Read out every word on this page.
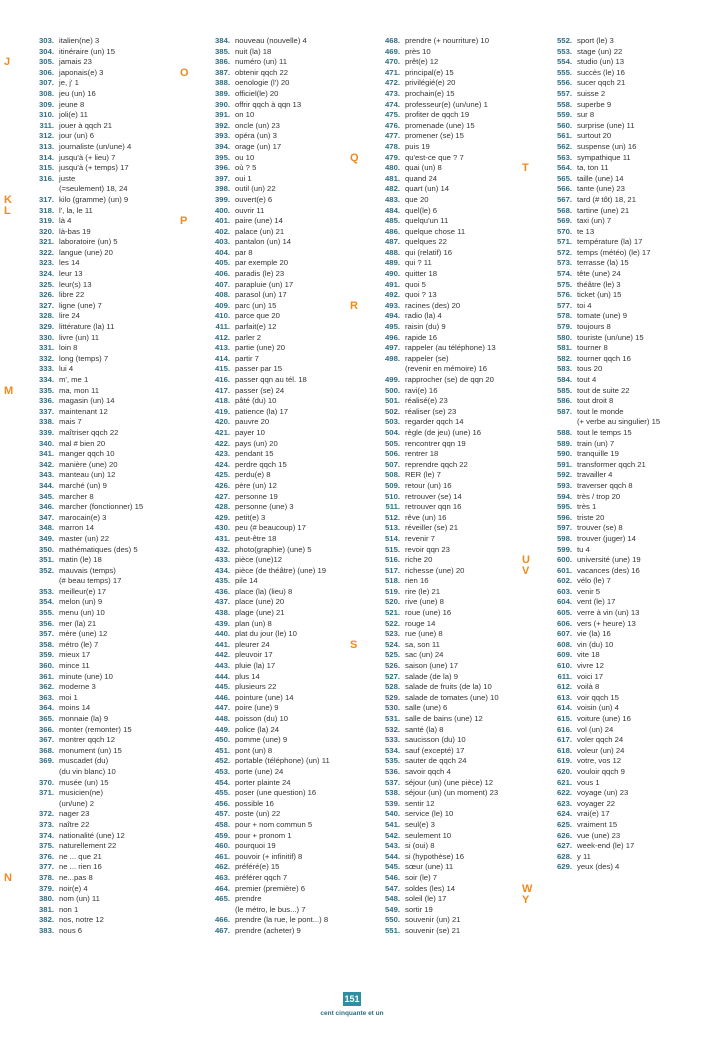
303. italien(ne) 3
304. itinéraire (un) 15
305. jamais 23
306. japonais(e) 3
307. je, j' 1
308. jeu (un) 16
309. jeune 8
310. joli(e) 11
311. jouer à qqch 21
312. jour (un) 6
313. journaliste (un/une) 4
314. jusqu'à (+ lieu) 7
315. jusqu'à (+ temps) 17
316. juste
(=seulement) 18, 24
317. kilo (gramme) (un) 9
318. l', la, le 11
319. là 4
320. là-bas 19
321. laboratoire (un) 5
322. langue (une) 20
323. les 14
324. leur 13
325. leur(s) 13
326. libre 22
327. ligne (une) 7
328. lire 24
329. littérature (la) 11
330. livre (un) 11
331. loin 8
332. long (temps) 7
333. lui 4
334. m', me 1
335. ma, mon 11
336. magasin (un) 14
337. maintenant 12
338. mais 7
339. maîtriser qqch 22
340. mal # bien 20
341. manger qqch 10
342. manière (une) 20
343. manteau (un) 12
344. marché (un) 9
345. marcher 8
346. marcher (fonctionner) 15
347. marocain(e) 3
348. marron 14
349. master (un) 22
350. mathématiques (des) 5
351. matin (le) 18
352. mauvais (temps)
(# beau temps) 17
353. meilleur(e) 17
354. melon (un) 9
355. menu (un) 10
356. mer (la) 21
357. mère (une) 12
358. métro (le) 7
359. mieux 17
360. mince 11
361. minute (une) 10
362. moderne 3
363. moi 1
364. moins 14
365. monnaie (la) 9
366. monter (remonter) 15
367. montrer qqch 12
368. monument (un) 15
369. muscadet (du)
(du vin blanc) 10
370. musée (un) 15
371. musicien(ne)
(un/une) 2
372. nager 23
373. naître 22
374. nationalité (une) 12
375. naturellement 22
376. ne ... que 21
377. ne ... rien 16
378. ne...pas 8
379. noir(e) 4
380. nom (un) 11
381. non 1
382. nos, notre 12
383. nous 6
384. nouveau (nouvelle) 4
385. nuit (la) 18
386. numéro (un) 11
387. obtenir qqch 22
388. oenologie (l') 20
389. officiel(le) 20
390. offrir qqch à qqn 13
391. on 10
392. oncle (un) 23
393. opéra (un) 3
394. orage (un) 17
395. ou 10
396. où ? 5
397. oui 1
398. outil (un) 22
399. ouvert(e) 6
400. ouvrir 11
401. paire (une) 14
402. palace (un) 21
403. pantalon (un) 14
404. par 8
405. par exemple 20
406. paradis (le) 23
407. parapluie (un) 17
408. parasol (un) 17
409. parc (un) 15
410. parce que 20
411. parfait(e) 12
412. parler 2
413. partie (une) 20
414. partir 7
415. passer par 15
416. passer qqn au tél. 18
417. passer (se) 24
418. pâté (du) 10
419. patience (la) 17
420. pauvre 20
421. payer 10
422. pays (un) 20
423. pendant 15
424. perdre qqch 15
425. perdu(e) 8
426. père (un) 12
427. personne 19
428. personne (une) 3
429. petit(e) 3
430. peu (# beaucoup) 17
431. peut-être 18
432. photo(graphie) (une) 5
433. pièce (une)12
434. pièce (de théâtre) (une) 19
435. pile 14
436. place (la) (lieu) 8
437. place (une) 20
438. plage (une) 21
439. plan (un) 8
440. plat du jour (le) 10
441. pleurer 24
442. pleuvoir 17
443. pluie (la) 17
444. plus 14
445. plusieurs 22
446. pointure (une) 14
447. poire (une) 9
448. poisson (du) 10
449. police (la) 24
450. pomme (une) 9
451. pont (un) 8
452. portable (téléphone) (un) 11
453. porte (une) 24
454. porter plainte 24
455. poser (une question) 16
456. possible 16
457. poste (un) 22
458. pour + nom commun 5
459. pour + pronom 1
460. pourquoi 19
461. pouvoir (+ infinitif) 8
462. préféré(e) 15
463. préférer qqch 7
464. premier (première) 6
465. prendre
(le métro, le bus...) 7
466. prendre (la rue, le pont...) 8
467. prendre (acheter) 9
468. prendre (+ nourriture) 10
469. près 10
470. prêt(e) 12
471. principal(e) 15
472. privilégié(e) 20
473. prochain(e) 15
474. professeur(e) (un/une) 1
475. profiter de qqch 19
476. promenade (une) 15
477. promener (se) 15
478. puis 19
479. qu'est-ce que ? 7
480. quai (un) 8
481. quand 24
482. quart (un) 14
483. que 20
484. quel(le) 6
485. quelqu'un 11
486. quelque chose 11
487. quelques 22
488. qui (relatif) 16
489. qui ? 11
490. quitter 18
491. quoi 5
492. quoi ? 13
493. racines (des) 20
494. radio (la) 4
495. raisin (du) 9
496. rapide 16
497. rappeler (au téléphone) 13
498. rappeler (se)
(revenir en mémoire) 16
499. rapprocher (se) de qqn 20
500. ravi(e) 16
501. réalisé(e) 23
502. réaliser (se) 23
503. regarder qqch 14
504. règle (de jeu) (une) 16
505. rencontrer qqn 19
506. rentrer 18
507. reprendre qqch 22
508. RER (le) 7
509. retour (un) 16
510. retrouver (se) 14
511. retrouver qqn 16
512. rêve (un) 16
513. réveiller (se) 21
514. revenir 7
515. revoir qqn 23
516. riche 20
517. richesse (une) 20
518. rien 16
519. rire (le) 21
520. rive (une) 8
521. roue (une) 16
522. rouge 14
523. rue (une) 8
524. sa, son 11
525. sac (un) 24
526. saison (une) 17
527. salade (de la) 9
528. salade de fruits (de la) 10
529. salade de tomates (une) 10
530. salle (une) 6
531. salle de bains (une) 12
532. santé (la) 8
533. saucisson (du) 10
534. sauf (excepté) 17
535. sauter de qqch 24
536. savoir qqch 4
537. séjour (un) (une pièce) 12
538. séjour (un) (un moment) 23
539. sentir 12
540. service (le) 10
541. seul(e) 3
542. seulement 10
543. si (oui) 8
544. si (hypothèse) 16
545. sœur (une) 11
546. soir (le) 7
547. soldes (les) 14
548. soleil (le) 17
549. sortir 19
550. souvenir (un) 21
551. souvenir (se) 21
552. sport (le) 3
553. stage (un) 22
554. studio (un) 13
555. succès (le) 16
556. sucer qqch 21
557. suisse 2
558. superbe 9
559. sur 8
560. surprise (une) 11
561. surtout 20
562. suspense (un) 16
563. sympathique 11
564. ta, ton 11
565. taille (une) 14
566. tante (une) 23
567. tard (# tôt) 18, 21
568. tartine (une) 21
569. taxi (un) 7
570. te 13
571. température (la) 17
572. temps (météo) (le) 17
573. terrasse (la) 15
574. tête (une) 24
575. théâtre (le) 3
576. ticket (un) 15
577. toi 4
578. tomate (une) 9
579. toujours 8
580. touriste (un/une) 15
581. tourner 8
582. tourner qqch 16
583. tous 20
584. tout 4
585. tout de suite 22
586. tout droit 8
587. tout le monde
(+ verbe au singulier) 15
588. tout le temps 15
589. train (un) 7
590. tranquille 19
591. transformer qqch 21
592. travailler 4
593. traverser qqch 8
594. très / trop 20
595. très 1
596. triste 20
597. trouver (se) 8
598. trouver (juger) 14
599. tu 4
600. université (une) 19
601. vacances (des) 16
602. vélo (le) 7
603. venir 5
604. vent (le) 17
605. verre à vin (un) 13
606. vers (+ heure) 13
607. vie (la) 16
608. vin (du) 10
609. vite 18
610. vivre 12
611. voici 17
612. voilà 8
613. voir qqch 15
614. voisin (un) 4
615. voiture (une) 16
616. vol (un) 24
617. voler qqch 24
618. voleur (un) 24
619. votre, vos 12
620. vouloir qqch 9
621. vous 1
622. voyage (un) 23
623. voyager 22
624. vrai(e) 17
625. vraiment 15
626. vue (une) 23
627. week-end (le) 17
628. y 11
629. yeux (des) 4
J
K
L
M
N
O
P
Q
R
S
T
U
V
W
Y
151
cent cinquante et un
